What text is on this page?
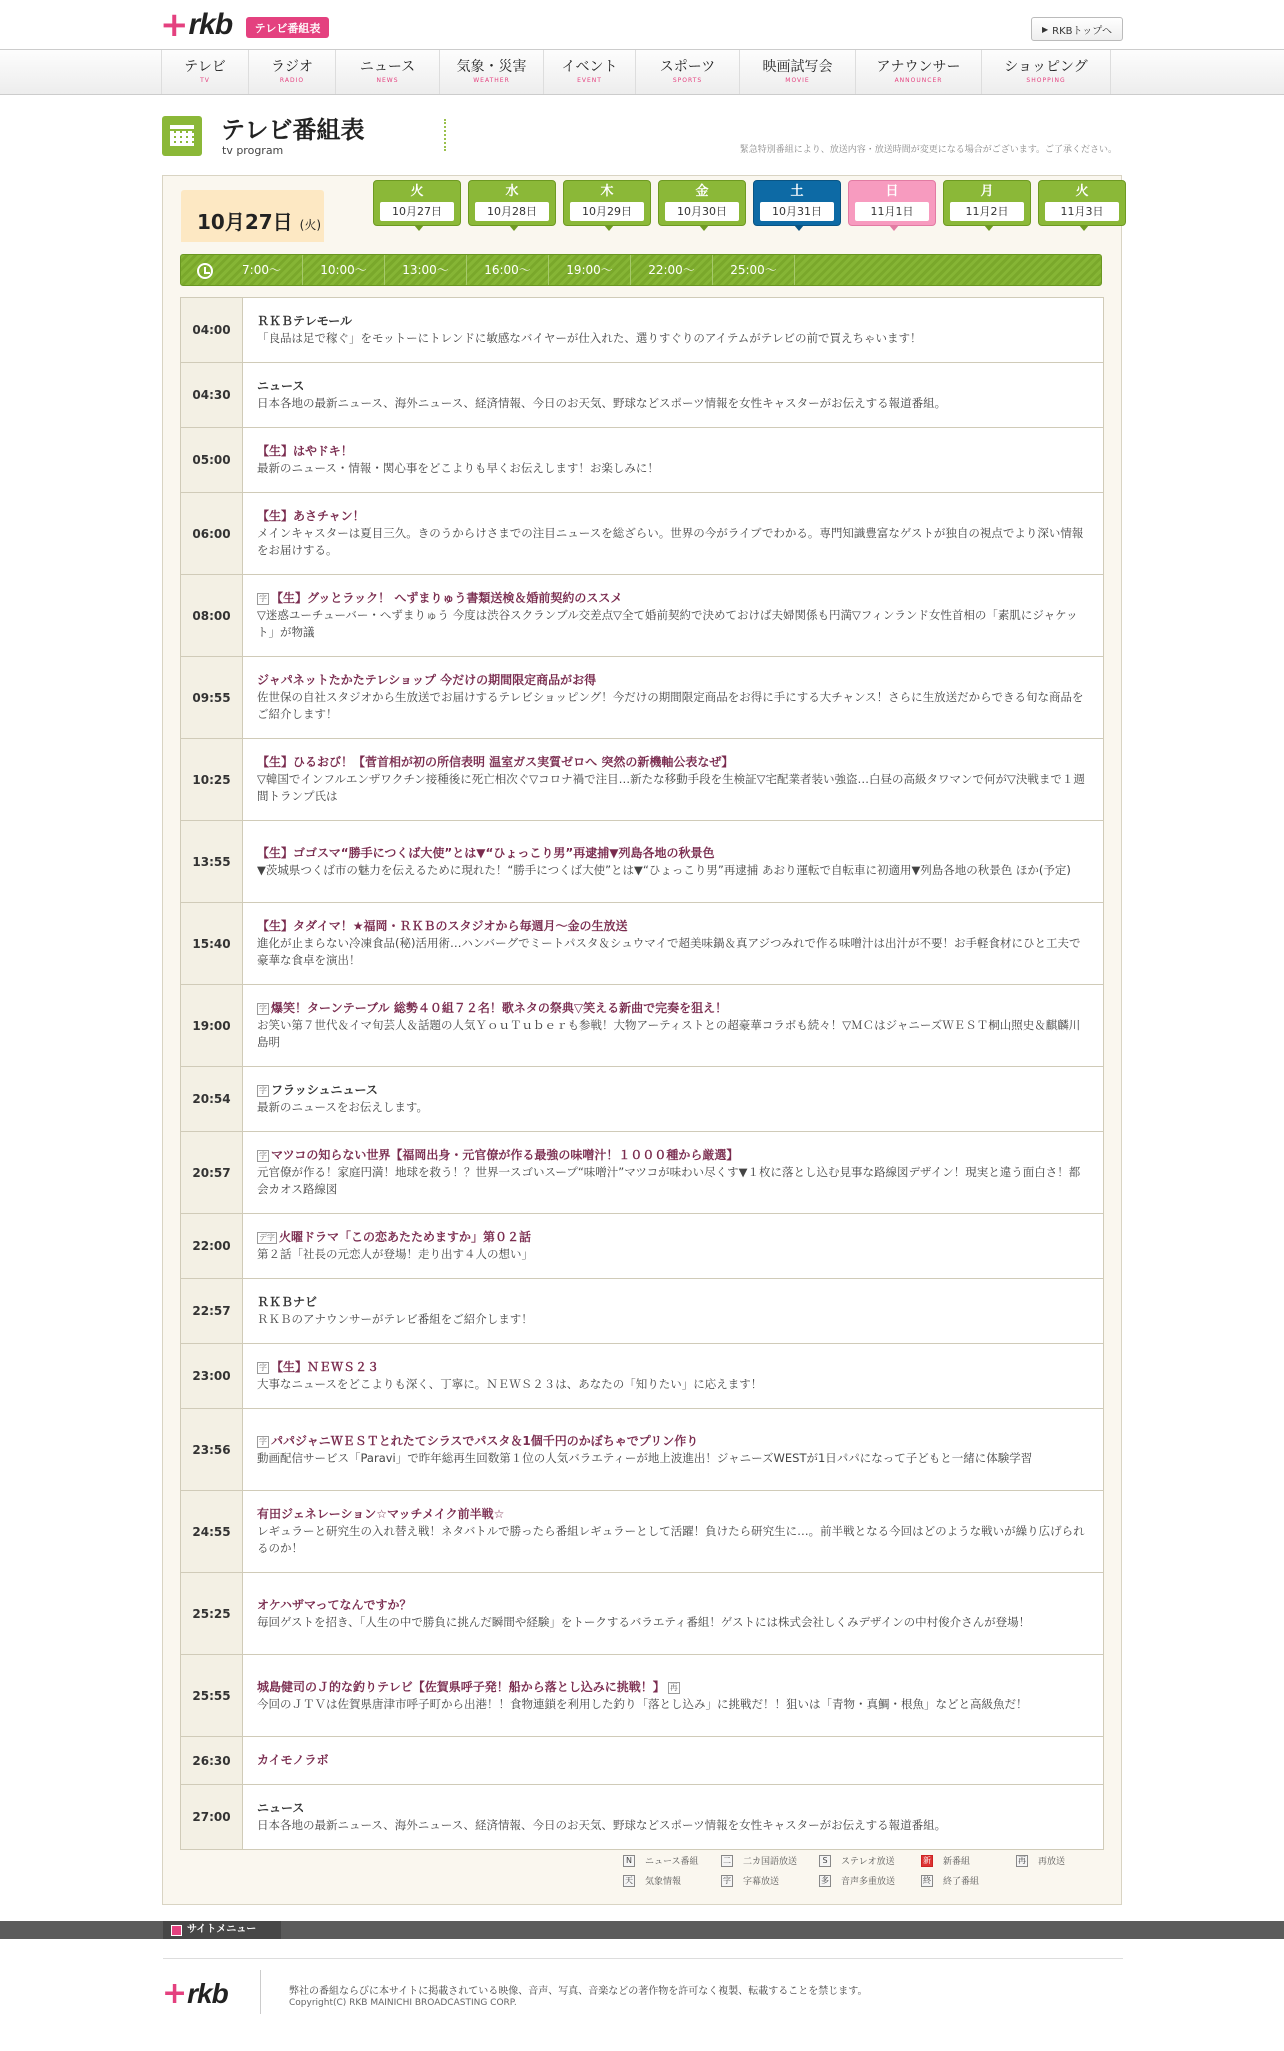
+ rkb	テレビ番組表	▶ RKBトップへ
テレビ
TV
ラジオ
RADIO
ニュース
NEWS
気象・災害
WEATHER
イベント
EVENT
スポーツ
SPORTS
映画試写会
MOVIE
アナウンサー
ANNOUNCER
ショッピング
SHOPPING
テレビ番組表
tv program	緊急特別番組により、放送内容・放送時間が変更になる場合がございます。ご了承ください。
10月27日 (火)
火
10月27日
水
10月28日
木
10月29日
金
10月30日
土
10月31日
日
11月1日
月
11月2日
火
11月3日
7:00～	10:00～	13:00～	16:00～	19:00～	22:00～	25:00～
04:00
ＲＫＢテレモール
「良品は足で稼ぐ」をモットーにトレンドに敏感なバイヤーが仕入れた、選りすぐりのアイテムがテレビの前で買えちゃいます！
04:30
ニュース
日本各地の最新ニュース、海外ニュース、経済情報、今日のお天気、野球などスポーツ情報を女性キャスターがお伝えする報道番組。
05:00
【生】はやドキ！
最新のニュース・情報・関心事をどこよりも早くお伝えします！お楽しみに！
06:00
【生】あさチャン！
メインキャスターは夏目三久。きのうからけさまでの注目ニュースを総ざらい。世界の今がライブでわかる。専門知識豊富なゲストが独自の視点でより深い情報をお届けする。
08:00
字 【生】グッとラック！ へずまりゅう書類送検＆婚前契約のススメ
▽迷惑ユーチューバー・へずまりゅう 今度は渋谷スクランブル交差点▽全て婚前契約で決めておけば夫婦関係も円満▽フィンランド女性首相の「素肌にジャケット」が物議
09:55
ジャパネットたかたテレショップ 今だけの期間限定商品がお得
佐世保の自社スタジオから生放送でお届けするテレビショッピング！今だけの期間限定商品をお得に手にする大チャンス！さらに生放送だからできる旬な商品をご紹介します！
10:25
【生】ひるおび！【菅首相が初の所信表明 温室ガス実質ゼロへ 突然の新機軸公表なぜ】
▽韓国でインフルエンザワクチン接種後に死亡相次ぐ▽コロナ禍で注目…新たな移動手段を生検証▽宅配業者装い強盗…白昼の高級タワマンで何が▽決戦まで１週間トランプ氏は
13:55
【生】ゴゴスマ“勝手につくば大使”とは▼“ひょっこり男”再逮捕▼列島各地の秋景色
▼茨城県つくば市の魅力を伝えるために現れた！“勝手につくば大使”とは▼“ひょっこり男”再逮捕 あおり運転で自転車に初適用▼列島各地の秋景色 ほか(予定)
15:40
【生】タダイマ！★福岡・ＲＫＢのスタジオから毎週月～金の生放送
進化が止まらない冷凍食品(秘)活用術…ハンバーグでミートパスタ＆シュウマイで超美味鍋＆真アジつみれで作る味噌汁は出汁が不要！お手軽食材にひと工夫で豪華な食卓を演出！
19:00
字 爆笑！ターンテーブル 総勢４０組７２名！歌ネタの祭典▽笑える新曲で完奏を狙え！
お笑い第７世代＆イマ旬芸人＆話題の人気ＹｏｕＴｕｂｅｒも参戦！大物アーティストとの超豪華コラボも続々！▽ＭＣはジャニーズＷＥＳＴ桐山照史＆麒麟川島明
20:54
字 フラッシュニュース
最新のニュースをお伝えします。
20:57
字 マツコの知らない世界【福岡出身・元官僚が作る最強の味噌汁！１０００種から厳選】
元官僚が作る！家庭円満！地球を救う！？世界一スゴいスープ“味噌汁”マツコが味わい尽くす▼１枚に落とし込む見事な路線図デザイン！現実と違う面白さ！都会カオス路線図
22:00
デ字 火曜ドラマ「この恋あたためますか」第０２話
第２話「社長の元恋人が登場！走り出す４人の想い」
22:57
ＲＫＢナビ
ＲＫＢのアナウンサーがテレビ番組をご紹介します！
23:00
字 【生】ＮＥＷＳ２３
大事なニュースをどこよりも深く、丁寧に。ＮＥＷＳ２３は、あなたの「知りたい」に応えます！
23:56
字 パパジャニＷＥＳＴとれたてシラスでパスタ＆1個千円のかぼちゃでプリン作り
動画配信サービス「Paravi」で昨年総再生回数第１位の人気バラエティーが地上波進出！ジャニーズWESTが1日パパになって子どもと一緒に体験学習
24:55
有田ジェネレーション☆マッチメイク前半戦☆
レギュラーと研究生の入れ替え戦！ネタバトルで勝ったら番組レギュラーとして活躍！負けたら研究生に…。前半戦となる今回はどのような戦いが繰り広げられるのか！
25:25
オケハザマってなんですか？
毎回ゲストを招き、「人生の中で勝負に挑んだ瞬間や経験」をトークするバラエティ番組！ゲストには株式会社しくみデザインの中村俊介さんが登場！
25:55
城島健司のＪ的な釣りテレビ【佐賀県呼子発！船から落とし込みに挑戦！】 再
今回のＪＴＶは佐賀県唐津市呼子町から出港！！食物連鎖を利用した釣り「落とし込み」に挑戦だ！！狙いは「青物・真鯛・根魚」などと高級魚だ！
26:30	カイモノラボ
27:00
ニュース
日本各地の最新ニュース、海外ニュース、経済情報、今日のお天気、野球などスポーツ情報を女性キャスターがお伝えする報道番組。
N	ニュース番組	二 二カ国語放送	S	ステレオ放送	新 新番組	再 再放送
天 気象情報	字 字幕放送	多 音声多重放送	終 終了番組
サイトメニュー
+ rkb	弊社の番組ならびに本サイトに掲載されている映像、音声、写真、音楽などの著作物を許可なく複製、転載することを禁じます。
Copyright(C) RKB MAINICHI BROADCASTING CORP.
